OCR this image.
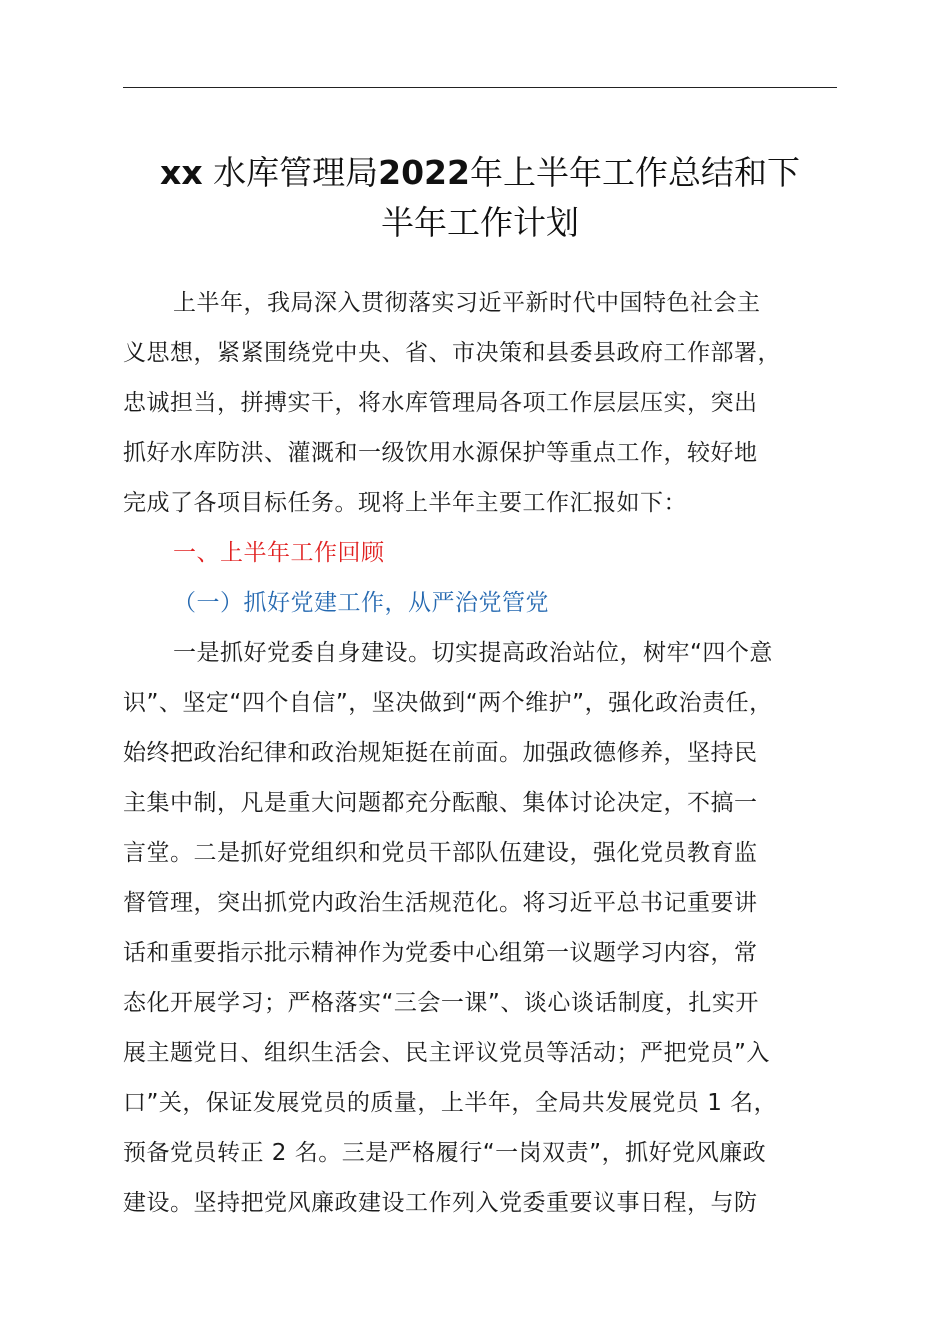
xx 水库管理局2022年上半年工作总结和下
半年工作计划
上半年，我局深入贯彻落实习近平新时代中国特色社会主
义思想，紧紧围绕党中央、省、市决策和县委县政府工作部署，
忠诚担当，拼搏实干，将水库管理局各项工作层层压实，突出
抓好水库防洪、灌溉和一级饮用水源保护等重点工作，较好地
完成了各项目标任务。现将上半年主要工作汇报如下：
一、上半年工作回顾
（一）抓好党建工作，从严治党管党
一是抓好党委自身建设。切实提高政治站位，树牢“四个意
识”、坚定“四个自信”，坚决做到“两个维护”，强化政治责任，
始终把政治纪律和政治规矩挺在前面。加强政德修养，坚持民
主集中制，凡是重大问题都充分酝酿、集体讨论决定，不搞一
言堂。二是抓好党组织和党员干部队伍建设，强化党员教育监
督管理，突出抓党内政治生活规范化。将习近平总书记重要讲
话和重要指示批示精神作为党委中心组第一议题学习内容，常
态化开展学习；严格落实“三会一课”、谈心谈话制度，扎实开
展主题党日、组织生活会、民主评议党员等活动；严把党员”入
口”关，保证发展党员的质量，上半年，全局共发展党员 1 名，
预备党员转正 2 名。三是严格履行“一岗双责”，抓好党风廉政
建设。坚持把党风廉政建设工作列入党委重要议事日程，与防
